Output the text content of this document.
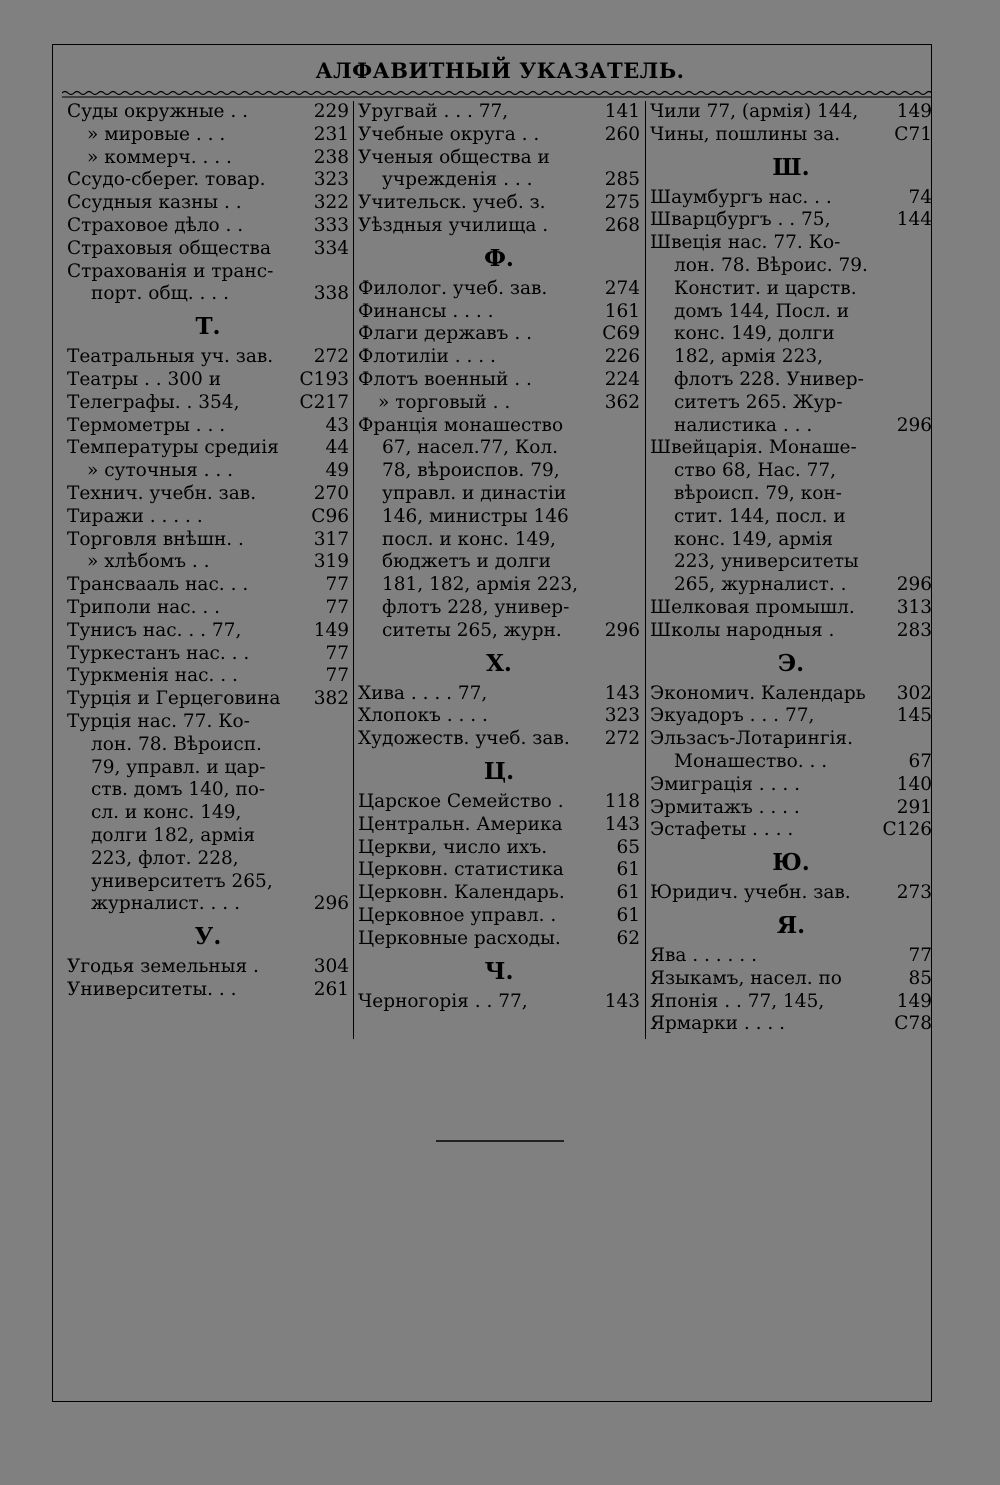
АЛФАВИТНЫЙ УКАЗАТЕЛЬ.
Суды окружные . .	229
» мировые . . .	231
» коммерч. . . .	238
Ссудо-сбереr. товар.	323
Ссудныя казны . .	322
Страховое дѣло . .	333
Страховыя общества	334
Страхованія и транс-
порт. общ. . . .	338
Т.
Театральныя уч. зав.	272
Театры . . 300 и	С193
Телеграфы. . 354,	С217
Термометры . . .	43
Температуры средиія	44
» суточныя . . .	49
Технич. учебн. зав.	270
Тиражи . . . . .	С96
Торговля внѣшн. .	317
» хлѣбомъ . .	319
Трансвааль нас. . .	77
Триполи нас. . .	77
Тунисъ нас. . . 77,	149
Туркестанъ нас. . .	77
Туркменія нас. . .	77
Турція и Герцеговина	382
Турція нас. 77. Ко-
лон. 78. Вѣроисп.
79, управл. и цар-
ств. домъ 140, по-
сл. и конс. 149,
долги 182, армія
223, флот. 228,
университетъ 265,
журналист. . . .	296
У.
Угодья земельныя .	304
Университеты. . .	261
Уругвай . . . 77,	141
Учебные округа . .	260
Ученыя общества и
учрежденія . . .	285
Учительск. учеб. з.	275
Уѣздныя училища .	268
Ф.
Филолог. учеб. зав.	274
Финансы . . . .	161
Флаги державъ . .	С69
Флотиліи . . . .	226
Флотъ военный . .	224
» торговый . .	362
Франція монашество
67, насел.77, Кол.
78, вѣроиспов. 79,
управл. и династіи
146, министры 146
посл. и конс. 149,
бюджетъ и долги
181, 182, армія 223,
флотъ 228, универ-
ситеты 265, журн.	296
Х.
Хива . . . . 77,	143
Хлопокъ . . . .	323
Художеств. учеб. зав.	272
Ц.
Царское Семейство .	118
Центральн. Америка	143
Церкви, число ихъ.	65
Церковн. статистика	61
Церковн. Календарь.	61
Церковное управл. .	61
Церковные расходы.	62
Ч.
Черногорія . . 77,	143
Чили 77, (армія) 144,	149
Чины, пошлины за.	С71
Ш.
Шаумбургъ нас. . .	74
Шварцбургъ . . 75,	144
Швеція нас. 77. Ко-
лон. 78. Вѣроис. 79.
Констит. и царств.
домъ 144, Посл. и
конс. 149, долги
182, армія 223,
флотъ 228. Универ-
ситетъ 265. Жур-
налистика . . .	296
Швейцарія. Монаше-
ство 68, Нас. 77,
вѣроисп. 79, кон-
стит. 144, посл. и
конс. 149, армія
223, университеты
265, журналист. .	296
Шелковая промышл.	313
Школы народныя .	283
Э.
Экономич. Календарь	302
Экуадоръ . . . 77,	145
Эльзасъ-Лотарингія.
Монашество. . .	67
Эмиграція . . . .	140
Эрмитажъ . . . .	291
Эстафеты . . . .	С126
Ю.
Юридич. учебн. зав.	273
Я.
Ява . . . . . .	77
Языкамъ, насел. по	85
Японія . . 77, 145,	149
Ярмарки . . . .	С78
